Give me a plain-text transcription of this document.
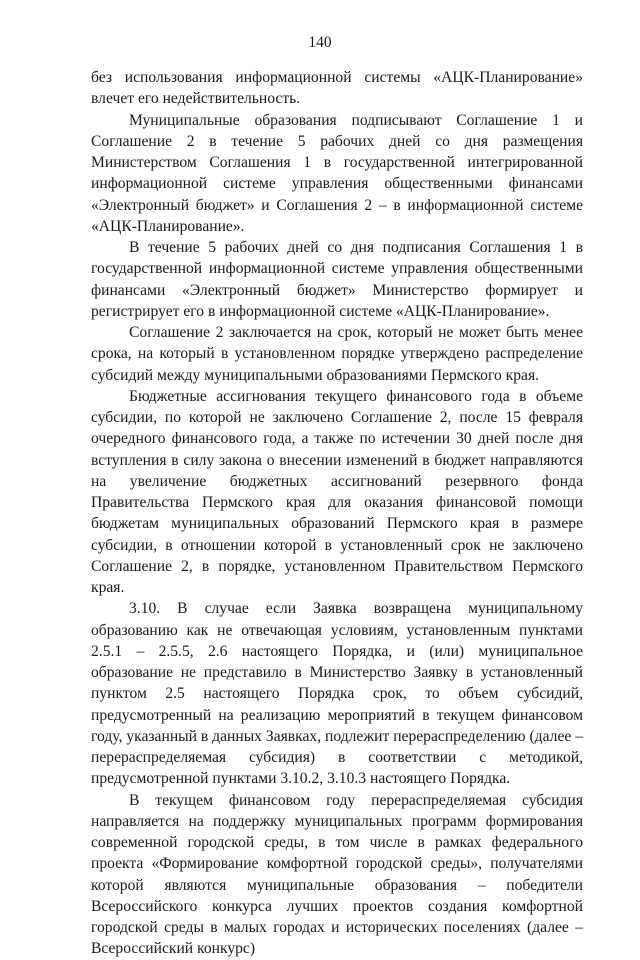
140

без использования информационной системы «АЦК-Планирование» влечет его недействительность.

Муниципальные образования подписывают Соглашение 1 и Соглашение 2 в течение 5 рабочих дней со дня размещения Министерством Соглашения 1 в государственной интегрированной информационной системе управления общественными финансами «Электронный бюджет» и Соглашения 2 – в информационной системе «АЦК-Планирование».

В течение 5 рабочих дней со дня подписания Соглашения 1 в государственной информационной системе управления общественными финансами «Электронный бюджет» Министерство формирует и регистрирует его в информационной системе «АЦК-Планирование».

Соглашение 2 заключается на срок, который не может быть менее срока, на который в установленном порядке утверждено распределение субсидий между муниципальными образованиями Пермского края.

Бюджетные ассигнования текущего финансового года в объеме субсидии, по которой не заключено Соглашение 2, после 15 февраля очередного финансового года, а также по истечении 30 дней после дня вступления в силу закона о внесении изменений в бюджет направляются на увеличение бюджетных ассигнований резервного фонда Правительства Пермского края для оказания финансовой помощи бюджетам муниципальных образований Пермского края в размере субсидии, в отношении которой в установленный срок не заключено Соглашение 2, в порядке, установленном Правительством Пермского края.

3.10. В случае если Заявка возвращена муниципальному образованию как не отвечающая условиям, установленным пунктами 2.5.1 – 2.5.5, 2.6 настоящего Порядка, и (или) муниципальное образование не представило в Министерство Заявку в установленный пунктом 2.5 настоящего Порядка срок, то объем субсидий, предусмотренный на реализацию мероприятий в текущем финансовом году, указанный в данных Заявках, подлежит перераспределению (далее – перераспределяемая субсидия) в соответствии с методикой, предусмотренной пунктами 3.10.2, 3.10.3 настоящего Порядка.

В текущем финансовом году перераспределяемая субсидия направляется на поддержку муниципальных программ формирования современной городской среды, в том числе в рамках федерального проекта «Формирование комфортной городской среды», получателями которой являются муниципальные образования – победители Всероссийского конкурса лучших проектов создания комфортной городской среды в малых городах и исторических поселениях (далее – Всероссийский конкурс)
